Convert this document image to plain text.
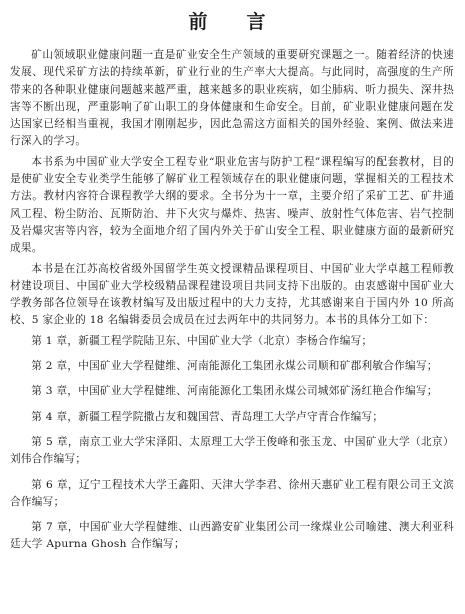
前　言

矿山领域职业健康问题一直是矿业安全生产领域的重要研究课题之一。随着经济的快速发展、现代采矿方法的持续革新，矿业行业的生产率大大提高。与此同时，高强度的生产所带来的各种职业健康问题越来越严重，越来越多的职业疾病，如尘肺病、听力损失、深井热害等不断出现，严重影响了矿山职工的身体健康和生命安全。目前，矿业职业健康问题在发达国家已经相当重视，我国才刚刚起步，因此急需这方面相关的国外经验、案例、做法来进行深入的学习。

本书系为中国矿业大学安全工程专业“职业危害与防护工程”课程编写的配套教材，目的是使矿业安全专业类学生能够了解矿业工程领域存在的职业健康问题，掌握相关的工程技术方法。教材内容符合课程教学大纲的要求。全书分为十一章，主要介绍了采矿工艺、矿井通风工程、粉尘防治、瓦斯防治、井下火灾与爆炸、热害、噪声、放射性气体危害、岩气控制及岩爆灾害等内容，较为全面地介绍了国内外关于矿山安全工程、职业健康方面的最新研究成果。

本书是在江苏高校省级外国留学生英文授课精品课程项目、中国矿业大学卓越工程师教材建设项目、中国矿业大学校级精品课程建设项目共同支持下出版的。由衷感谢中国矿业大学教务部各位领导在该教材编写及出版过程中的大力支持，尤其感谢来自于国内外 10 所高校、5 家企业的 18 名编辑委员会成员在过去两年中的共同努力。本书的具体分工如下：

第 1 章，新疆工程学院陆卫东、中国矿业大学（北京）李杨合作编写；

第 2 章，中国矿业大学程健维、河南能源化工集团永煤公司顺和矿郡利敏合作编写；

第 3 章，中国矿业大学程健维、河南能源化工集团永煤公司城郊矿汤红艳合作编写；

第 4 章，新疆工程学院撒占友和魏国营、青岛理工大学卢守青合作编写；

第 5 章，南京工业大学宋泽阳、太原理工大学王俊峰和张玉龙、中国矿业大学（北京）刘伟合作编写；

第 6 章，辽宁工程技术大学王鑫阳、天津大学李君、徐州天惠矿业工程有限公司王文滨合作编写；

第 7 章，中国矿业大学程健维、山西潞安矿业集团公司一缘煤业公司喻建、澳大利亚科廷大学 Apurna Ghosh 合作编写；
